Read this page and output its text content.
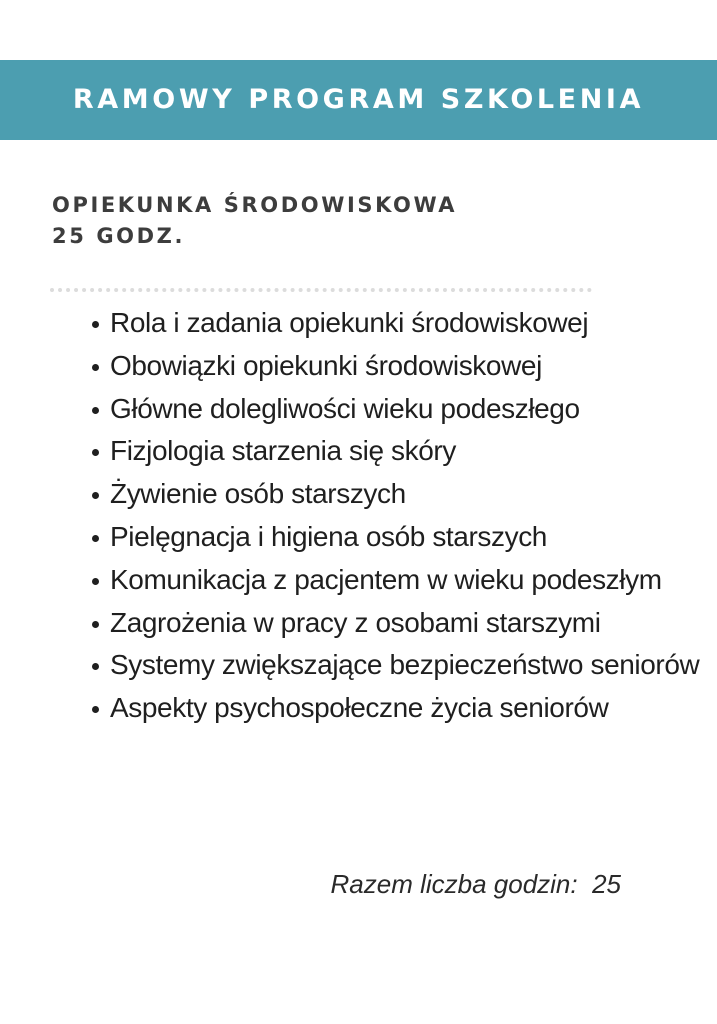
RAMOWY PROGRAM SZKOLENIA
OPIEKUNKA ŚRODOWISKOWA
25 GODZ.
Rola i zadania opiekunki środowiskowej
Obowiązki opiekunki środowiskowej
Główne dolegliwości wieku podeszłego
Fizjologia starzenia się skóry
Żywienie osób starszych
Pielęgnacja i higiena osób starszych
Komunikacja z pacjentem w wieku podeszłym
Zagrożenia w pracy z osobami starszymi
Systemy zwiększające bezpieczeństwo seniorów
Aspekty psychospołeczne życia seniorów

Razem liczba godzin: 25
